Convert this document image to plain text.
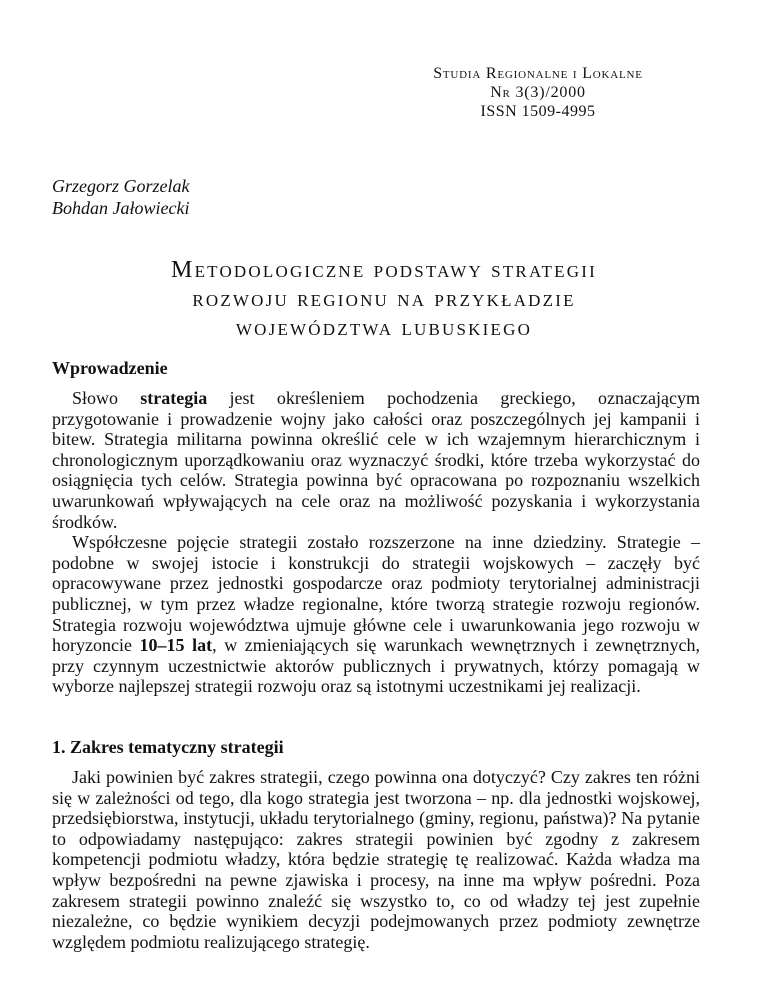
Studia Regionalne i Lokalne
Nr 3(3)/2000
ISSN 1509-4995
Grzegorz Gorzelak
Bohdan Jałowiecki
Metodologiczne podstawy strategii
rozwoju regionu na przykładzie
województwa lubuskiego
Wprowadzenie

Słowo strategia jest określeniem pochodzenia greckiego, oznaczającym przygotowanie i prowadzenie wojny jako całości oraz poszczególnych jej kampanii i bitew. Strategia militarna powinna określić cele w ich wzajemnym hierarchicznym i chronologicznym uporządkowaniu oraz wyznaczyć środki, które trzeba wykorzystać do osiągnięcia tych celów. Strategia powinna być opracowana po rozpoznaniu wszelkich uwarunkowań wpływających na cele oraz na możliwość pozyskania i wykorzystania środków.

Współczesne pojęcie strategii zostało rozszerzone na inne dziedziny. Strategie – podobne w swojej istocie i konstrukcji do strategii wojskowych – zaczęły być opracowywane przez jednostki gospodarcze oraz podmioty terytorialnej administracji publicznej, w tym przez władze regionalne, które tworzą strategie rozwoju regionów. Strategia rozwoju województwa ujmuje główne cele i uwarunkowania jego rozwoju w horyzoncie 10–15 lat, w zmieniających się warunkach wewnętrznych i zewnętrznych, przy czynnym uczestnictwie aktorów publicznych i prywatnych, którzy pomagają w wyborze najlepszej strategii rozwoju oraz są istotnymi uczestnikami jej realizacji.

1. Zakres tematyczny strategii

Jaki powinien być zakres strategii, czego powinna ona dotyczyć? Czy zakres ten różni się w zależności od tego, dla kogo strategia jest tworzona – np. dla jednostki wojskowej, przedsiębiorstwa, instytucji, układu terytorialnego (gminy, regionu, państwa)? Na pytanie to odpowiadamy następująco: zakres strategii powinien być zgodny z zakresem kompetencji podmiotu władzy, która będzie strategię tę realizować. Każda władza ma wpływ bezpośredni na pewne zjawiska i procesy, na inne ma wpływ pośredni. Poza zakresem strategii powinno znaleźć się wszystko to, co od władzy tej jest zupełnie niezależne, co będzie wynikiem decyzji podejmowanych przez podmioty zewnętrze względem podmiotu realizującego strategię.
